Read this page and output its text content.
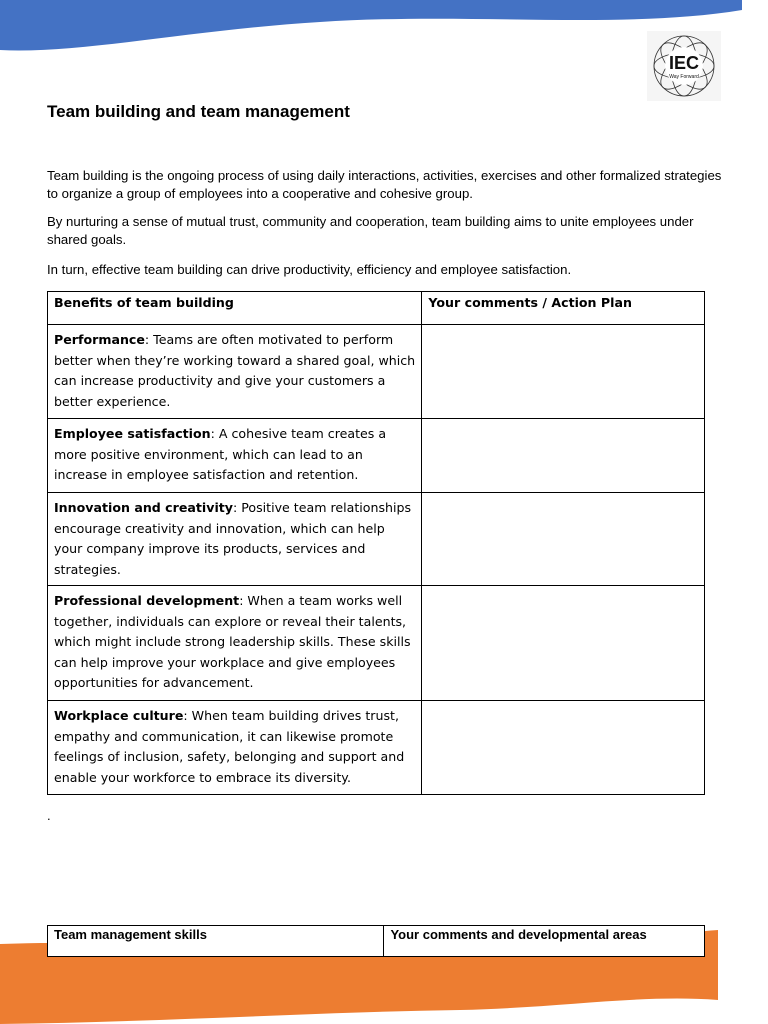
IEC
Way Forward
Team building and team management

Team building is the ongoing process of using daily interactions, activities, exercises and other formalized strategies to organize a group of employees into a cooperative and cohesive group.

By nurturing a sense of mutual trust, community and cooperation, team building aims to unite employees under shared goals.

In turn, effective team building can drive productivity, efficiency and employee satisfaction.

Benefits of team building	Your comments / Action Plan
Performance: Teams are often motivated to perform better when they’re working toward a shared goal, which can increase productivity and give your customers a better experience.	
Employee satisfaction: A cohesive team creates a more positive environment, which can lead to an increase in employee satisfaction and retention.	
Innovation and creativity: Positive team relationships encourage creativity and innovation, which can help your company improve its products, services and strategies.	
Professional development: When a team works well together, individuals can explore or reveal their talents, which might include strong leadership skills. These skills can help improve your workplace and give employees opportunities for advancement.	
Workplace culture: When team building drives trust, empathy and communication, it can likewise promote feelings of inclusion, safety, belonging and support and enable your workforce to embrace its diversity.	
.
Team management skills	Your comments and developmental areas
